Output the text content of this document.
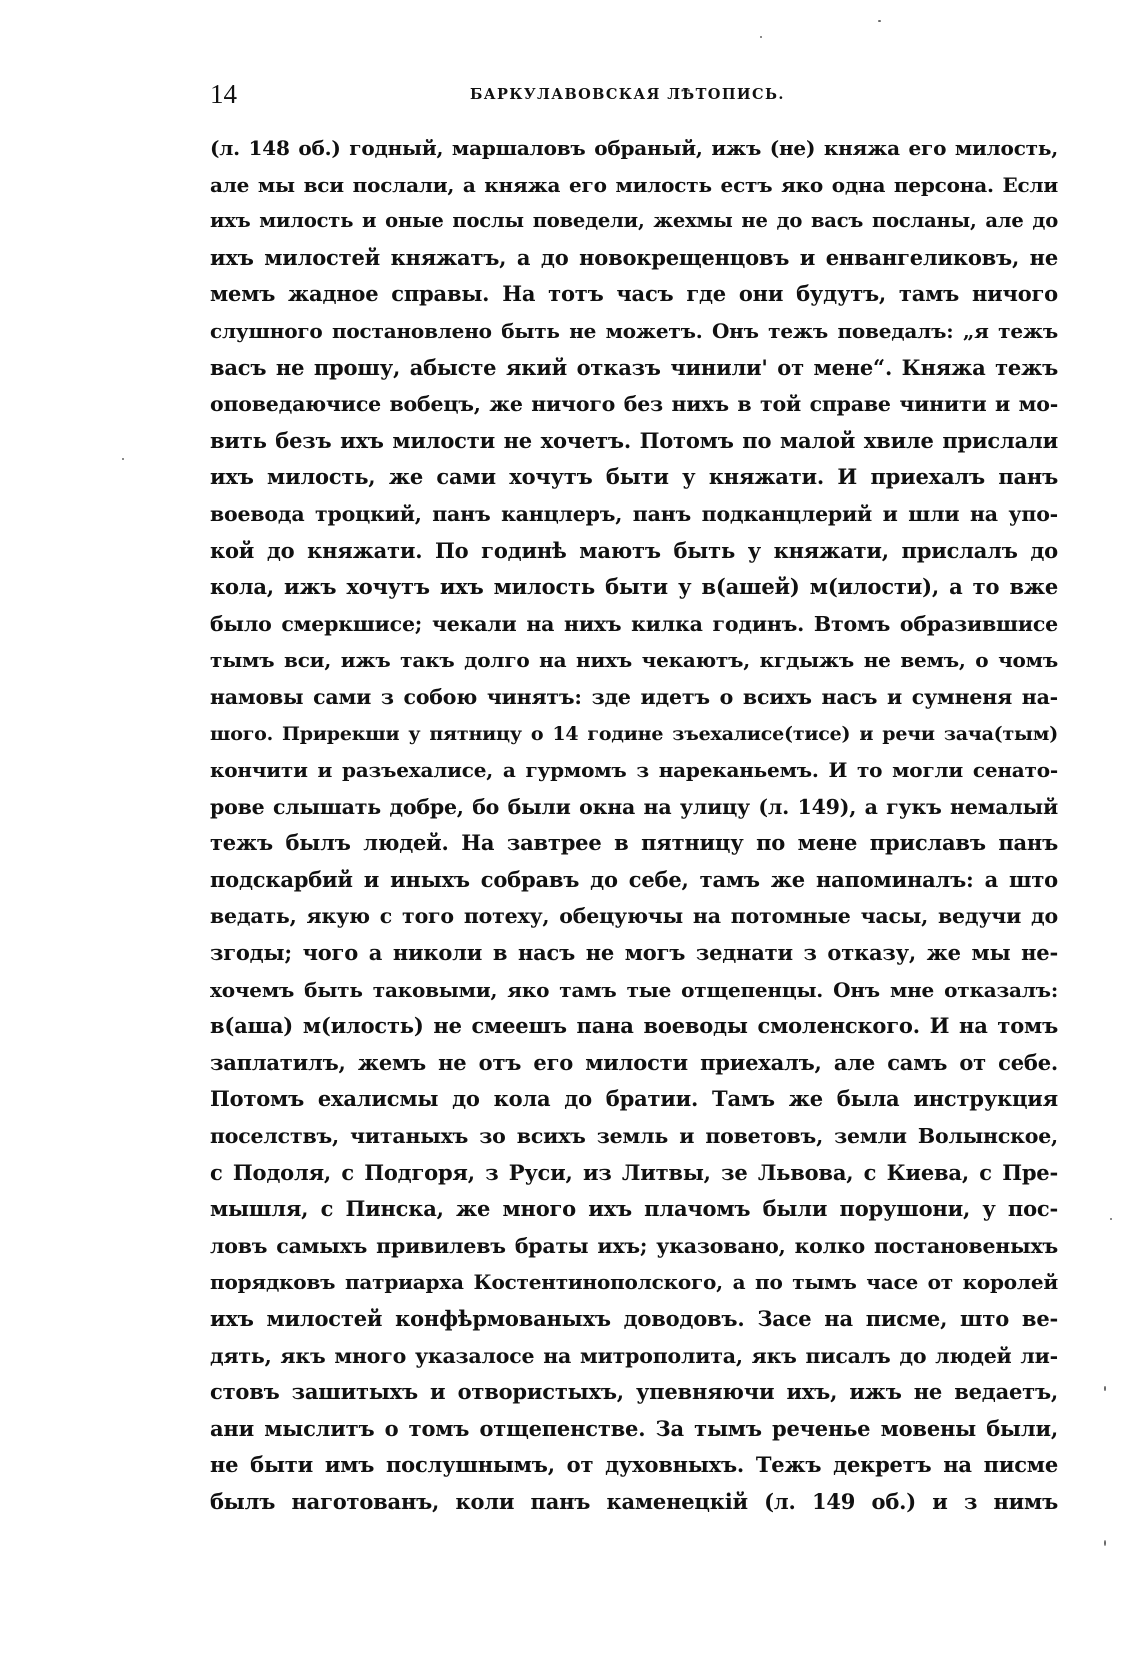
14	БАРКУЛАВОВСКАЯ ЛѢТОПИСЬ.
(л. 148 об.) годный, маршаловъ обраный, ижъ (не) княжа его милость,
але мы вси послали, а княжа его милость естъ яко одна персона. Если
ихъ милость и оные послы поведели, жехмы не до васъ посланы, але до
ихъ милостей княжатъ, а до новокрещенцовъ и енвангеликовъ, не
мемъ жадное справы. На тотъ часъ где они будутъ, тамъ ничого
слушного постановлено быть не можетъ. Онъ тежъ поведалъ: „я тежъ
васъ не прошу, абысте який отказъ чинили' от мене“. Княжа тежъ
оповедаючисе вобецъ, же ничого без нихъ в той справе чинити и мо-
вить безъ ихъ милости не хочетъ. Потомъ по малой хвиле прислали
ихъ милость, же сами хочутъ быти у княжати. И приехалъ панъ
воевода троцкий, панъ канцлеръ, панъ подканцлерий и шли на упо-
кой до княжати. По годинѣ маютъ быть у княжати, прислалъ до
кола, ижъ хочутъ ихъ милость быти у в(ашей) м(илости), а то вже
было смеркшисе; чекали на нихъ килка годинъ. Втомъ образившисе
тымъ вси, ижъ такъ долго на нихъ чекаютъ, кгдыжъ не вемъ, о чомъ
намовы сами з собою чинятъ: зде идетъ о всихъ насъ и сумненя на-
шого. Прирекши у пятницу о 14 године зъехалисе(тисе) и речи зача(тым)
кончити и разъехалисе, а гурмомъ з нареканьемъ. И то могли сенато-
рове слышать добре, бо были окна на улицу (л. 149), а гукъ немалый
тежъ былъ людей. На завтрее в пятницу по мене приславъ панъ
подскарбий и иныхъ собравъ до себе, тамъ же напоминалъ: а што
ведать, якую с того потеху, обецуючы на потомные часы, ведучи до
згоды; чого а николи в насъ не могъ зеднати з отказу, же мы не-
хочемъ быть таковыми, яко тамъ тые отщепенцы. Онъ мне отказалъ:
в(аша) м(илость) не смеешъ пана воеводы смоленского. И на томъ
заплатилъ, жемъ не отъ его милости приехалъ, але самъ от себе.
Потомъ ехалисмы до кола до братии. Тамъ же была инструкция
поселствъ, читаныхъ зо всихъ земль и поветовъ, земли Волынское,
с Подоля, с Подгоря, з Руси, из Литвы, зе Львова, с Киева, с Пре-
мышля, с Пинска, же много ихъ плачомъ были порушони, у пос-
ловъ самыхъ привилевъ браты ихъ; указовано, колко постановеныхъ
порядковъ патриарха Костентинополского, а по тымъ часе от королей
ихъ милостей конфѣрмованыхъ доводовъ. Засе на писме, што ве-
дять, якъ много указалосе на митрополита, якъ писалъ до людей ли-
стовъ зашитыхъ и отвористыхъ, упевняючи ихъ, ижъ не ведаетъ,
ани мыслитъ о томъ отщепенстве. За тымъ реченье мовены были,
не быти имъ послушнымъ, от духовныхъ. Тежъ декретъ на писме
былъ наготованъ, коли панъ каменецкій (л. 149 об.) и з нимъ
